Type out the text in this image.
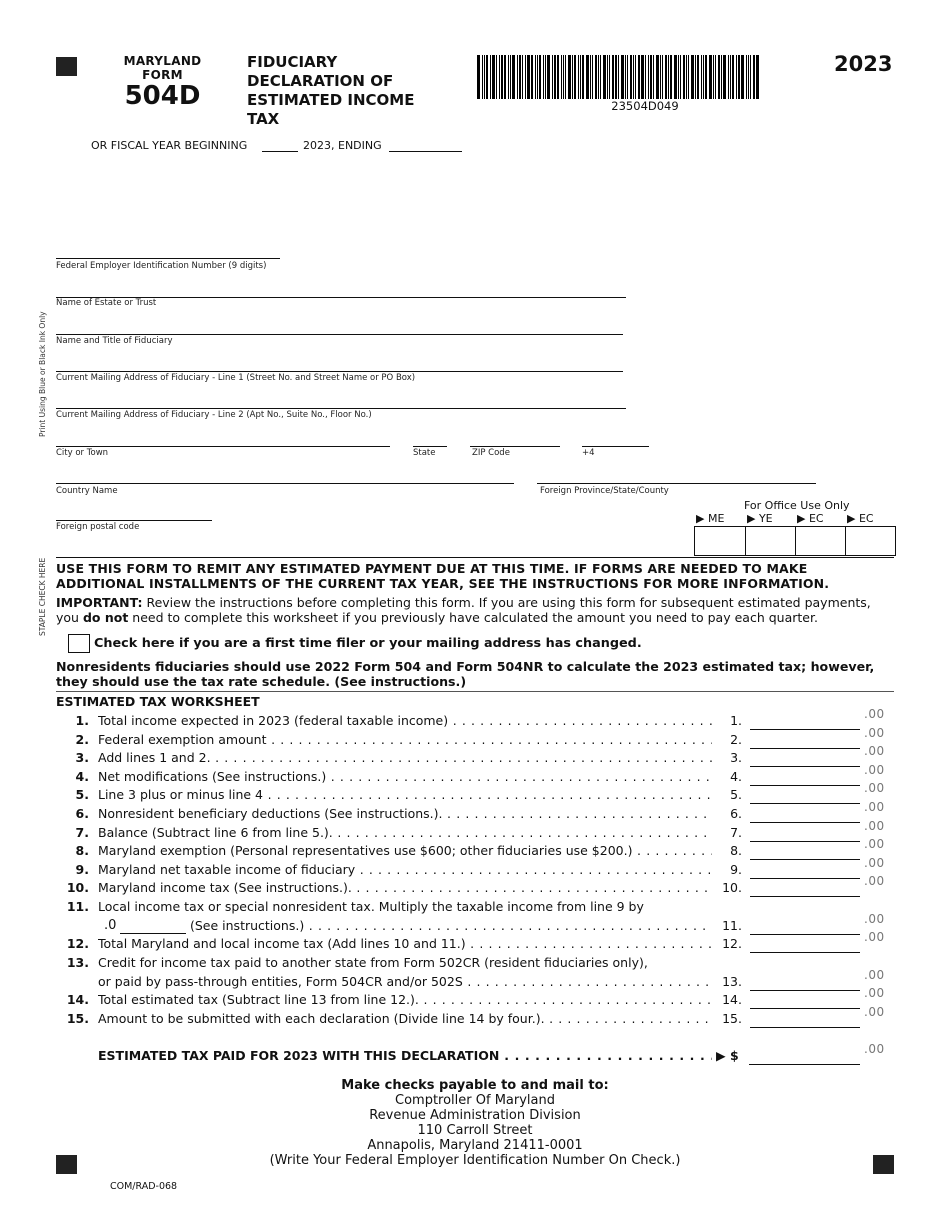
MARYLAND
FORM
504D
FIDUCIARY
DECLARATION OF
ESTIMATED INCOME
TAX
23504D049
2023
OR FISCAL YEAR BEGINNING	2023, ENDING
Print Using Blue or Black Ink Only
STAPLE CHECK HERE
Federal Employer Identification Number (9 digits)
Name of Estate or Trust
Name and Title of Fiduciary
Current Mailing Address of Fiduciary - Line 1 (Street No. and Street Name or PO Box)
Current Mailing Address of Fiduciary - Line 2 (Apt No., Suite No., Floor No.)
City or Town	State	ZIP Code	+4
Country Name	Foreign Province/State/County
Foreign postal code
For Office Use Only
▶ ME ▶ YE ▶ EC ▶ EC
USE THIS FORM TO REMIT ANY ESTIMATED PAYMENT DUE AT THIS TIME. IF FORMS ARE NEEDED TO MAKE
ADDITIONAL INSTALLMENTS OF THE CURRENT TAX YEAR, SEE THE INSTRUCTIONS FOR MORE INFORMATION.
IMPORTANT: Review the instructions before completing this form. If you are using this form for subsequent estimated payments,
you do not need to complete this worksheet if you previously have calculated the amount you need to pay each quarter.
Check here if you are a first time filer or your mailing address has changed.
Nonresidents fiduciaries should use 2022 Form 504 and Form 504NR to calculate the 2023 estimated tax; however,
they should use the tax rate schedule. (See instructions.)
ESTIMATED TAX WORKSHEET
1. Total income expected in 2023 (federal taxable income) . . .	1.	.00
2. Federal exemption amount . . .	2.	.00
3. Add lines 1 and 2. . . .	3.	.00
4. Net modifications (See instructions.) . . .	4.	.00
5. Line 3 plus or minus line 4 . . .	5.	.00
6. Nonresident beneficiary deductions (See instructions.). . . .	6.	.00
7. Balance (Subtract line 6 from line 5.). . . .	7.	.00
8. Maryland exemption (Personal representatives use $600; other fiduciaries use $200.) . . .	8.	.00
9. Maryland net taxable income of fiduciary . . .	9.	.00
10. Maryland income tax (See instructions.). . . .	10.	.00
11. Local income tax or special nonresident tax. Multiply the taxable income from line 9 by
.0	(See instructions.) . . .	11.	.00
12. Total Maryland and local income tax (Add lines 10 and 11.) . . .	12.	.00
13. Credit for income tax paid to another state from Form 502CR (resident fiduciaries only),
or paid by pass-through entities, Form 504CR and/or 502S . . .	13.	.00
14. Total estimated tax (Subtract line 13 from line 12.). . . .	14.	.00
15. Amount to be submitted with each declaration (Divide line 14 by four.). . . .	15.	.00
ESTIMATED TAX PAID FOR 2023 WITH THIS DECLARATION . . .	▶ $	.00
Make checks payable to and mail to:
Comptroller Of Maryland
Revenue Administration Division
110 Carroll Street
Annapolis, Maryland 21411-0001
(Write Your Federal Employer Identification Number On Check.)
COM/RAD-068
